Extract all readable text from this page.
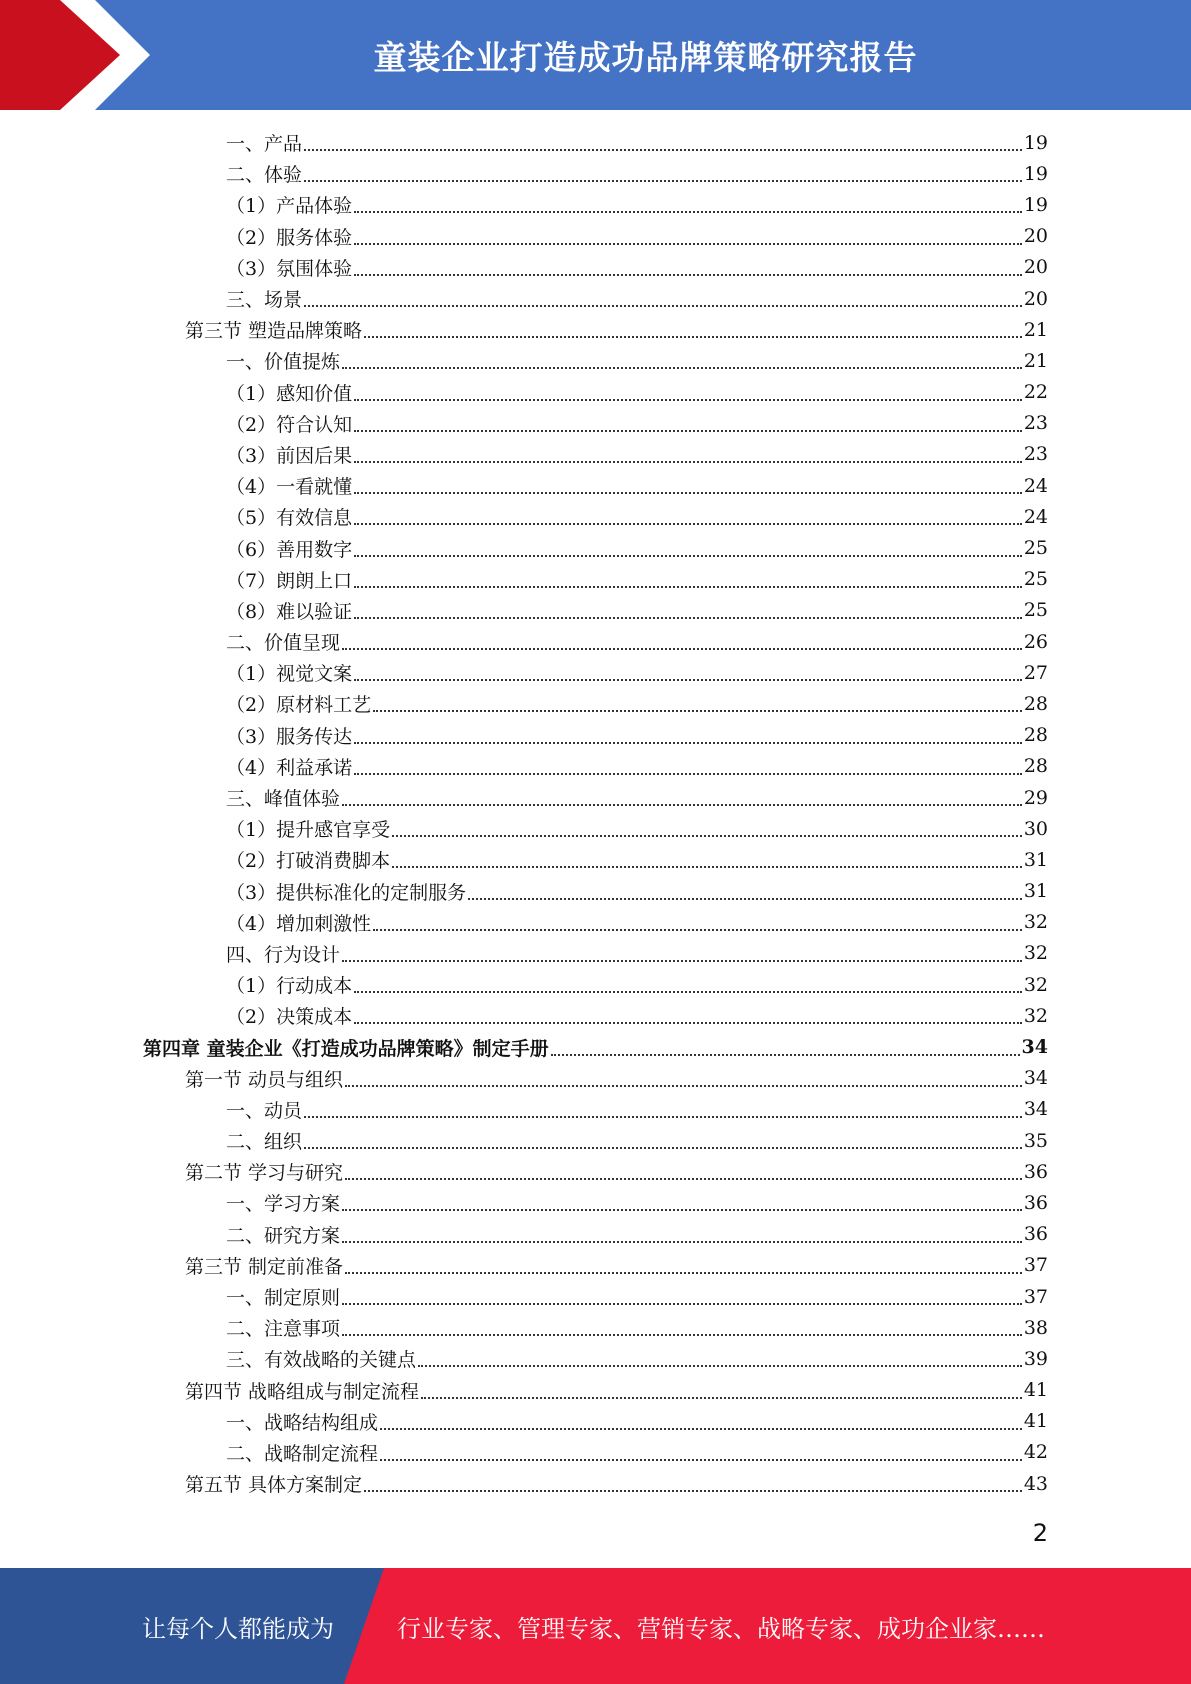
童装企业打造成功品牌策略研究报告
一、产品	19
二、体验	19
（1）产品体验	19
（2）服务体验	20
（3）氛围体验	20
三、场景	20
第三节 塑造品牌策略	21
一、价值提炼	21
（1）感知价值	22
（2）符合认知	23
（3）前因后果	23
（4）一看就懂	24
（5）有效信息	24
（6）善用数字	25
（7）朗朗上口	25
（8）难以验证	25
二、价值呈现	26
（1）视觉文案	27
（2）原材料工艺	28
（3）服务传达	28
（4）利益承诺	28
三、峰值体验	29
（1）提升感官享受	30
（2）打破消费脚本	31
（3）提供标准化的定制服务	31
（4）增加刺激性	32
四、行为设计	32
（1）行动成本	32
（2）决策成本	32
第四章 童装企业《打造成功品牌策略》制定手册	34
第一节 动员与组织	34
一、动员	34
二、组织	35
第二节 学习与研究	36
一、学习方案	36
二、研究方案	36
第三节 制定前准备	37
一、制定原则	37
二、注意事项	38
三、有效战略的关键点	39
第四节 战略组成与制定流程	41
一、战略结构组成	41
二、战略制定流程	42
第五节 具体方案制定	43
2
让每个人都能成为	行业专家、管理专家、营销专家、战略专家、成功企业家……
